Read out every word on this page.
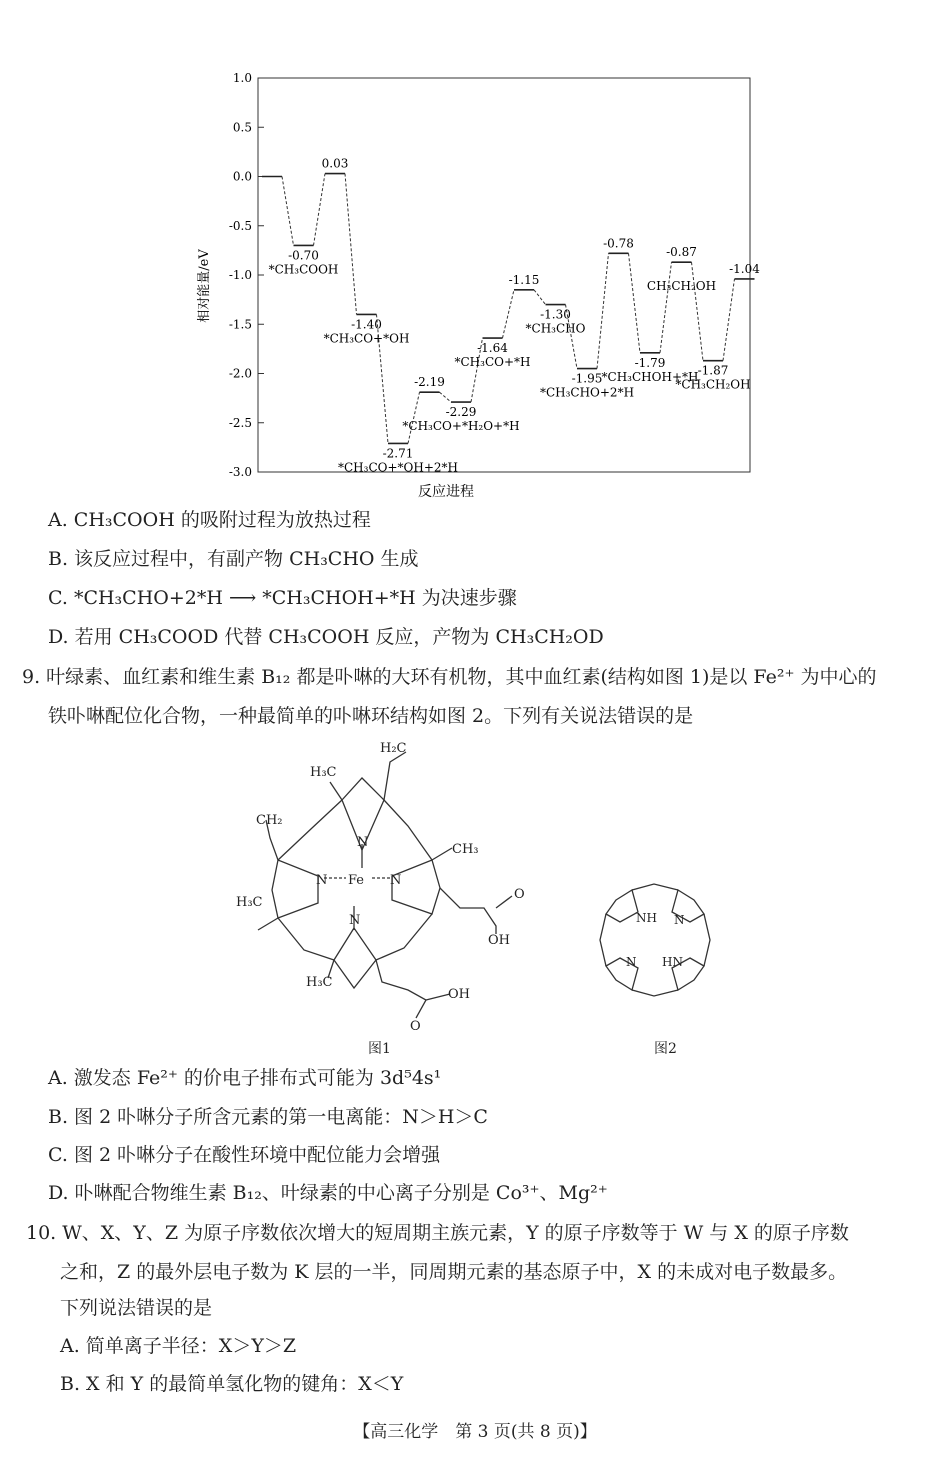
1.0
0.5
0.0
-0.5
-1.0
-1.5
-2.0
-2.5
-3.0
-0.70
*CH₃COOH
0.03
-1.40
*CH₃CO+*OH
-2.71
*CH₃CO+*OH+2*H
-2.19
-2.29
*CH₃CO+*H₂O+*H
-1.64
*CH₃CO+*H
-1.15
-1.30
*CH₃CHO
-1.95
*CH₃CHO+2*H
-0.78
-1.79
*CH₃CHOH+*H
-0.87
CH₃CH₂OH
-1.87
*CH₃CH₂OH
-1.04
相对能量/eV
反应进程
A. CH₃COOH 的吸附过程为放热过程
B. 该反应过程中，有副产物 CH₃CHO 生成
C. *CH₃CHO+2*H ⟶ *CH₃CHOH+*H 为决速步骤
D. 若用 CH₃COOD 代替 CH₃COOH 反应，产物为 CH₃CH₂OD
9. 叶绿素、血红素和维生素 B₁₂ 都是卟啉的大环有机物，其中血红素(结构如图 1)是以 Fe²⁺ 为中心的
铁卟啉配位化合物，一种最简单的卟啉环结构如图 2。下列有关说法错误的是
H₂C
H₃C
CH₂
CH₃
H₃C
Fe
N
N	N
N
O
OH
H₃C
OH
O
图1
NH N
N HN
图2
A. 激发态 Fe²⁺ 的价电子排布式可能为 3d⁵4s¹
B. 图 2 卟啉分子所含元素的第一电离能：N＞H＞C
C. 图 2 卟啉分子在酸性环境中配位能力会增强
D. 卟啉配合物维生素 B₁₂、叶绿素的中心离子分别是 Co³⁺、Mg²⁺
10. W、X、Y、Z 为原子序数依次增大的短周期主族元素，Y 的原子序数等于 W 与 X 的原子序数
之和，Z 的最外层电子数为 K 层的一半，同周期元素的基态原子中，X 的未成对电子数最多。
下列说法错误的是
A. 简单离子半径：X＞Y＞Z
B. X 和 Y 的最简单氢化物的键角：X＜Y
【高三化学　第 3 页(共 8 页)】
